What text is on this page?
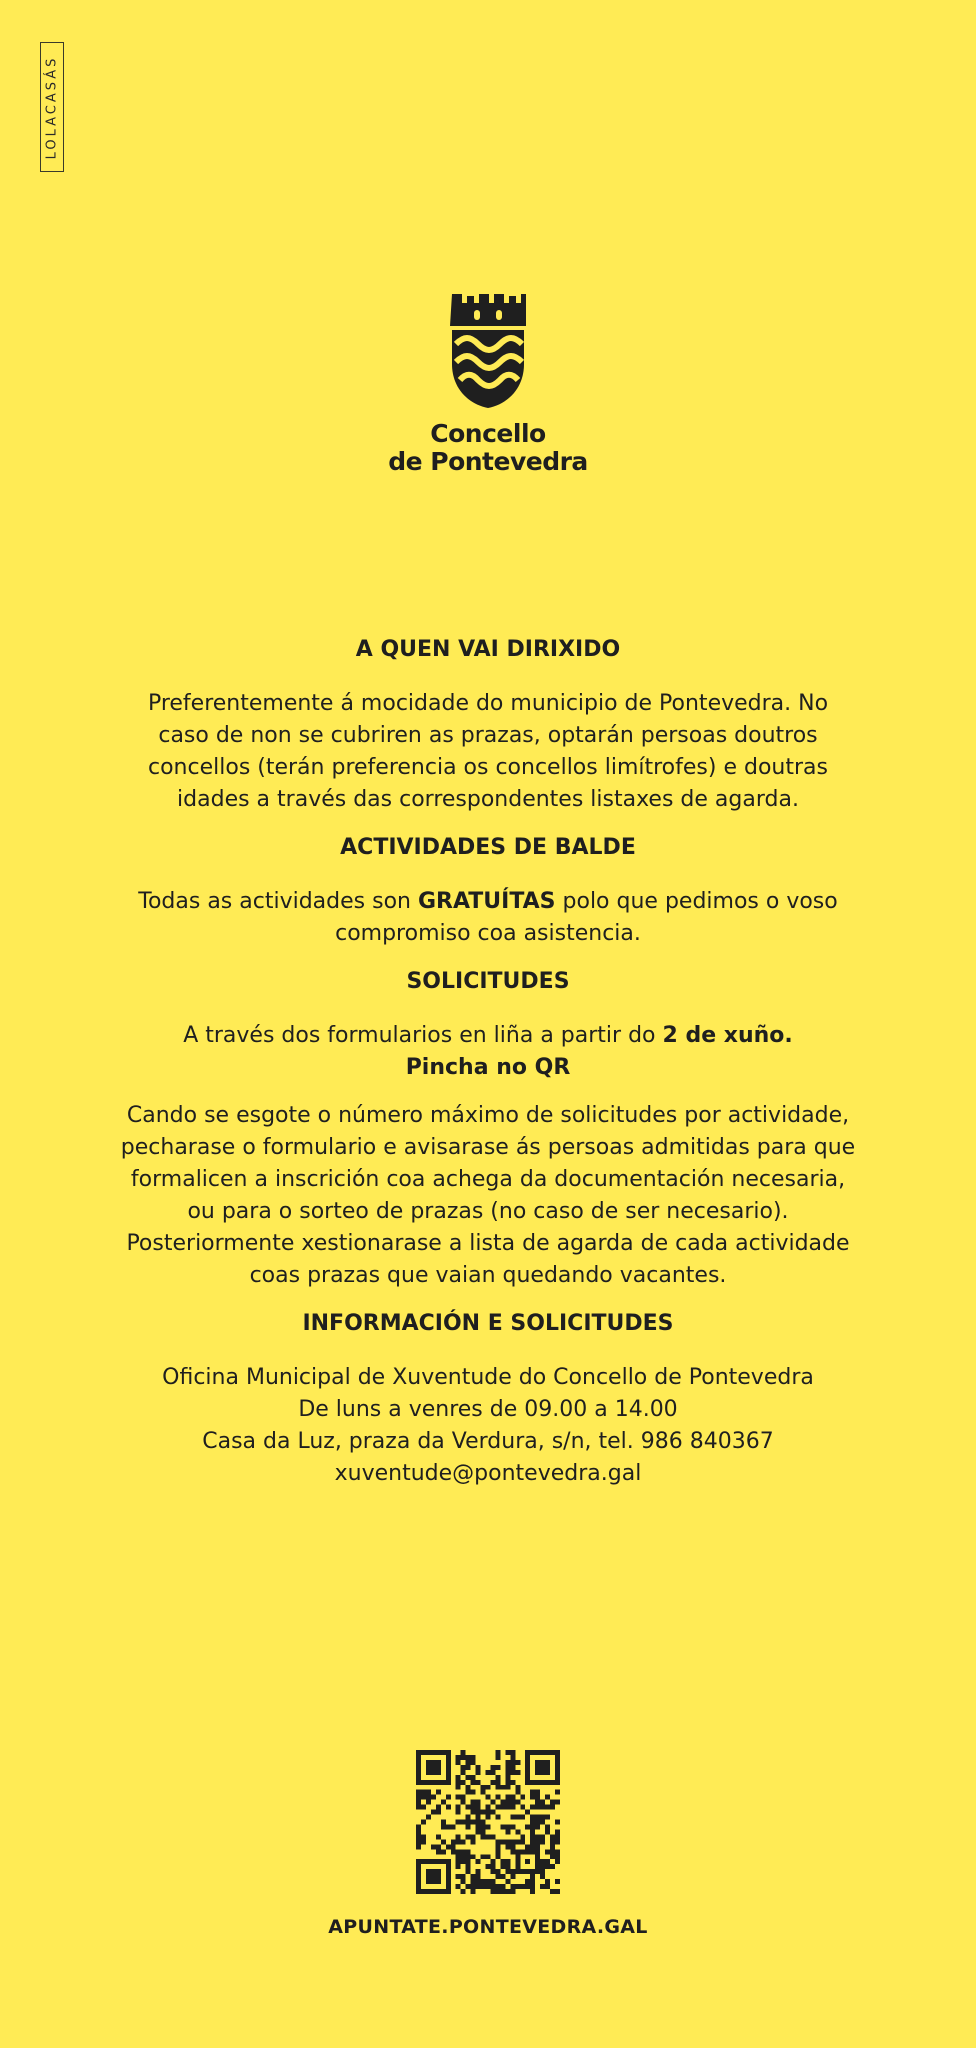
LOLACASÁS
Concello
de Pontevedra
A QUEN VAI DIRIXIDO
Preferentemente á mocidade do municipio de Pontevedra. No caso de non se cubriren as prazas, optarán persoas doutros concellos (terán preferencia os concellos limítrofes) e doutras idades a través das correspondentes listaxes de agarda.
ACTIVIDADES DE BALDE
Todas as actividades son GRATUÍTAS polo que pedimos o voso compromiso coa asistencia.
SOLICITUDES
A través dos formularios en liña a partir do 2 de xuño.
Pincha no QR
Cando se esgote o número máximo de solicitudes por actividade, pecharase o formulario e avisarase ás persoas admitidas para que formalicen a inscrición coa achega da documentación necesaria, ou para o sorteo de prazas (no caso de ser necesario). Posteriormente xestionarase a lista de agarda de cada actividade coas prazas que vaian quedando vacantes.
INFORMACIÓN E SOLICITUDES
Oficina Municipal de Xuventude do Concello de Pontevedra
De luns a venres de 09.00 a 14.00
Casa da Luz, praza da Verdura, s/n, tel. 986 840367
xuventude@pontevedra.gal
APUNTATE.PONTEVEDRA.GAL
